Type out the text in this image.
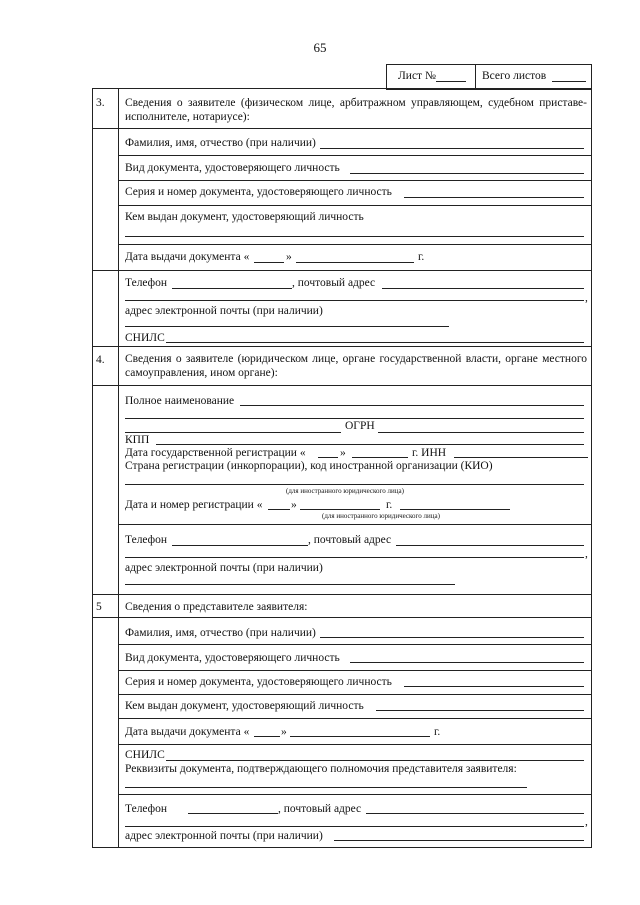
65
Лист №	Всего листов
3. Сведения о заявителе (физическом лице, арбитражном управляющем, судебном приставе-исполнителе, нотариусе):
Фамилия, имя, отчество (при наличии)
Вид документа, удостоверяющего личность
Серия и номер документа, удостоверяющего личность
Кем выдан документ, удостоверяющий личность
Дата выдачи документа «	»	г.
Телефон	, почтовый адрес
,
адрес электронной почты (при наличии)
СНИЛС
4. Сведения о заявителе (юридическом лице, органе государственной власти, органе местного самоуправления, ином органе):
Полное наименование
ОГРН
КПП
Дата государственной регистрации «	»	г. ИНН
Страна регистрации (инкорпорации), код иностранной организации (КИО)
(для иностранного юридического лица)
Дата и номер регистрации « »	г.
(для иностранного юридического лица)
Телефон	, почтовый адрес
,
адрес электронной почты (при наличии)
5 Сведения о представителе заявителя:
Фамилия, имя, отчество (при наличии)
Вид документа, удостоверяющего личность
Серия и номер документа, удостоверяющего личность
Кем выдан документ, удостоверяющий личность
Дата выдачи документа «	»	г.
СНИЛС
Реквизиты документа, подтверждающего полномочия представителя заявителя:
Телефон	, почтовый адрес
,
адрес электронной почты (при наличии)
